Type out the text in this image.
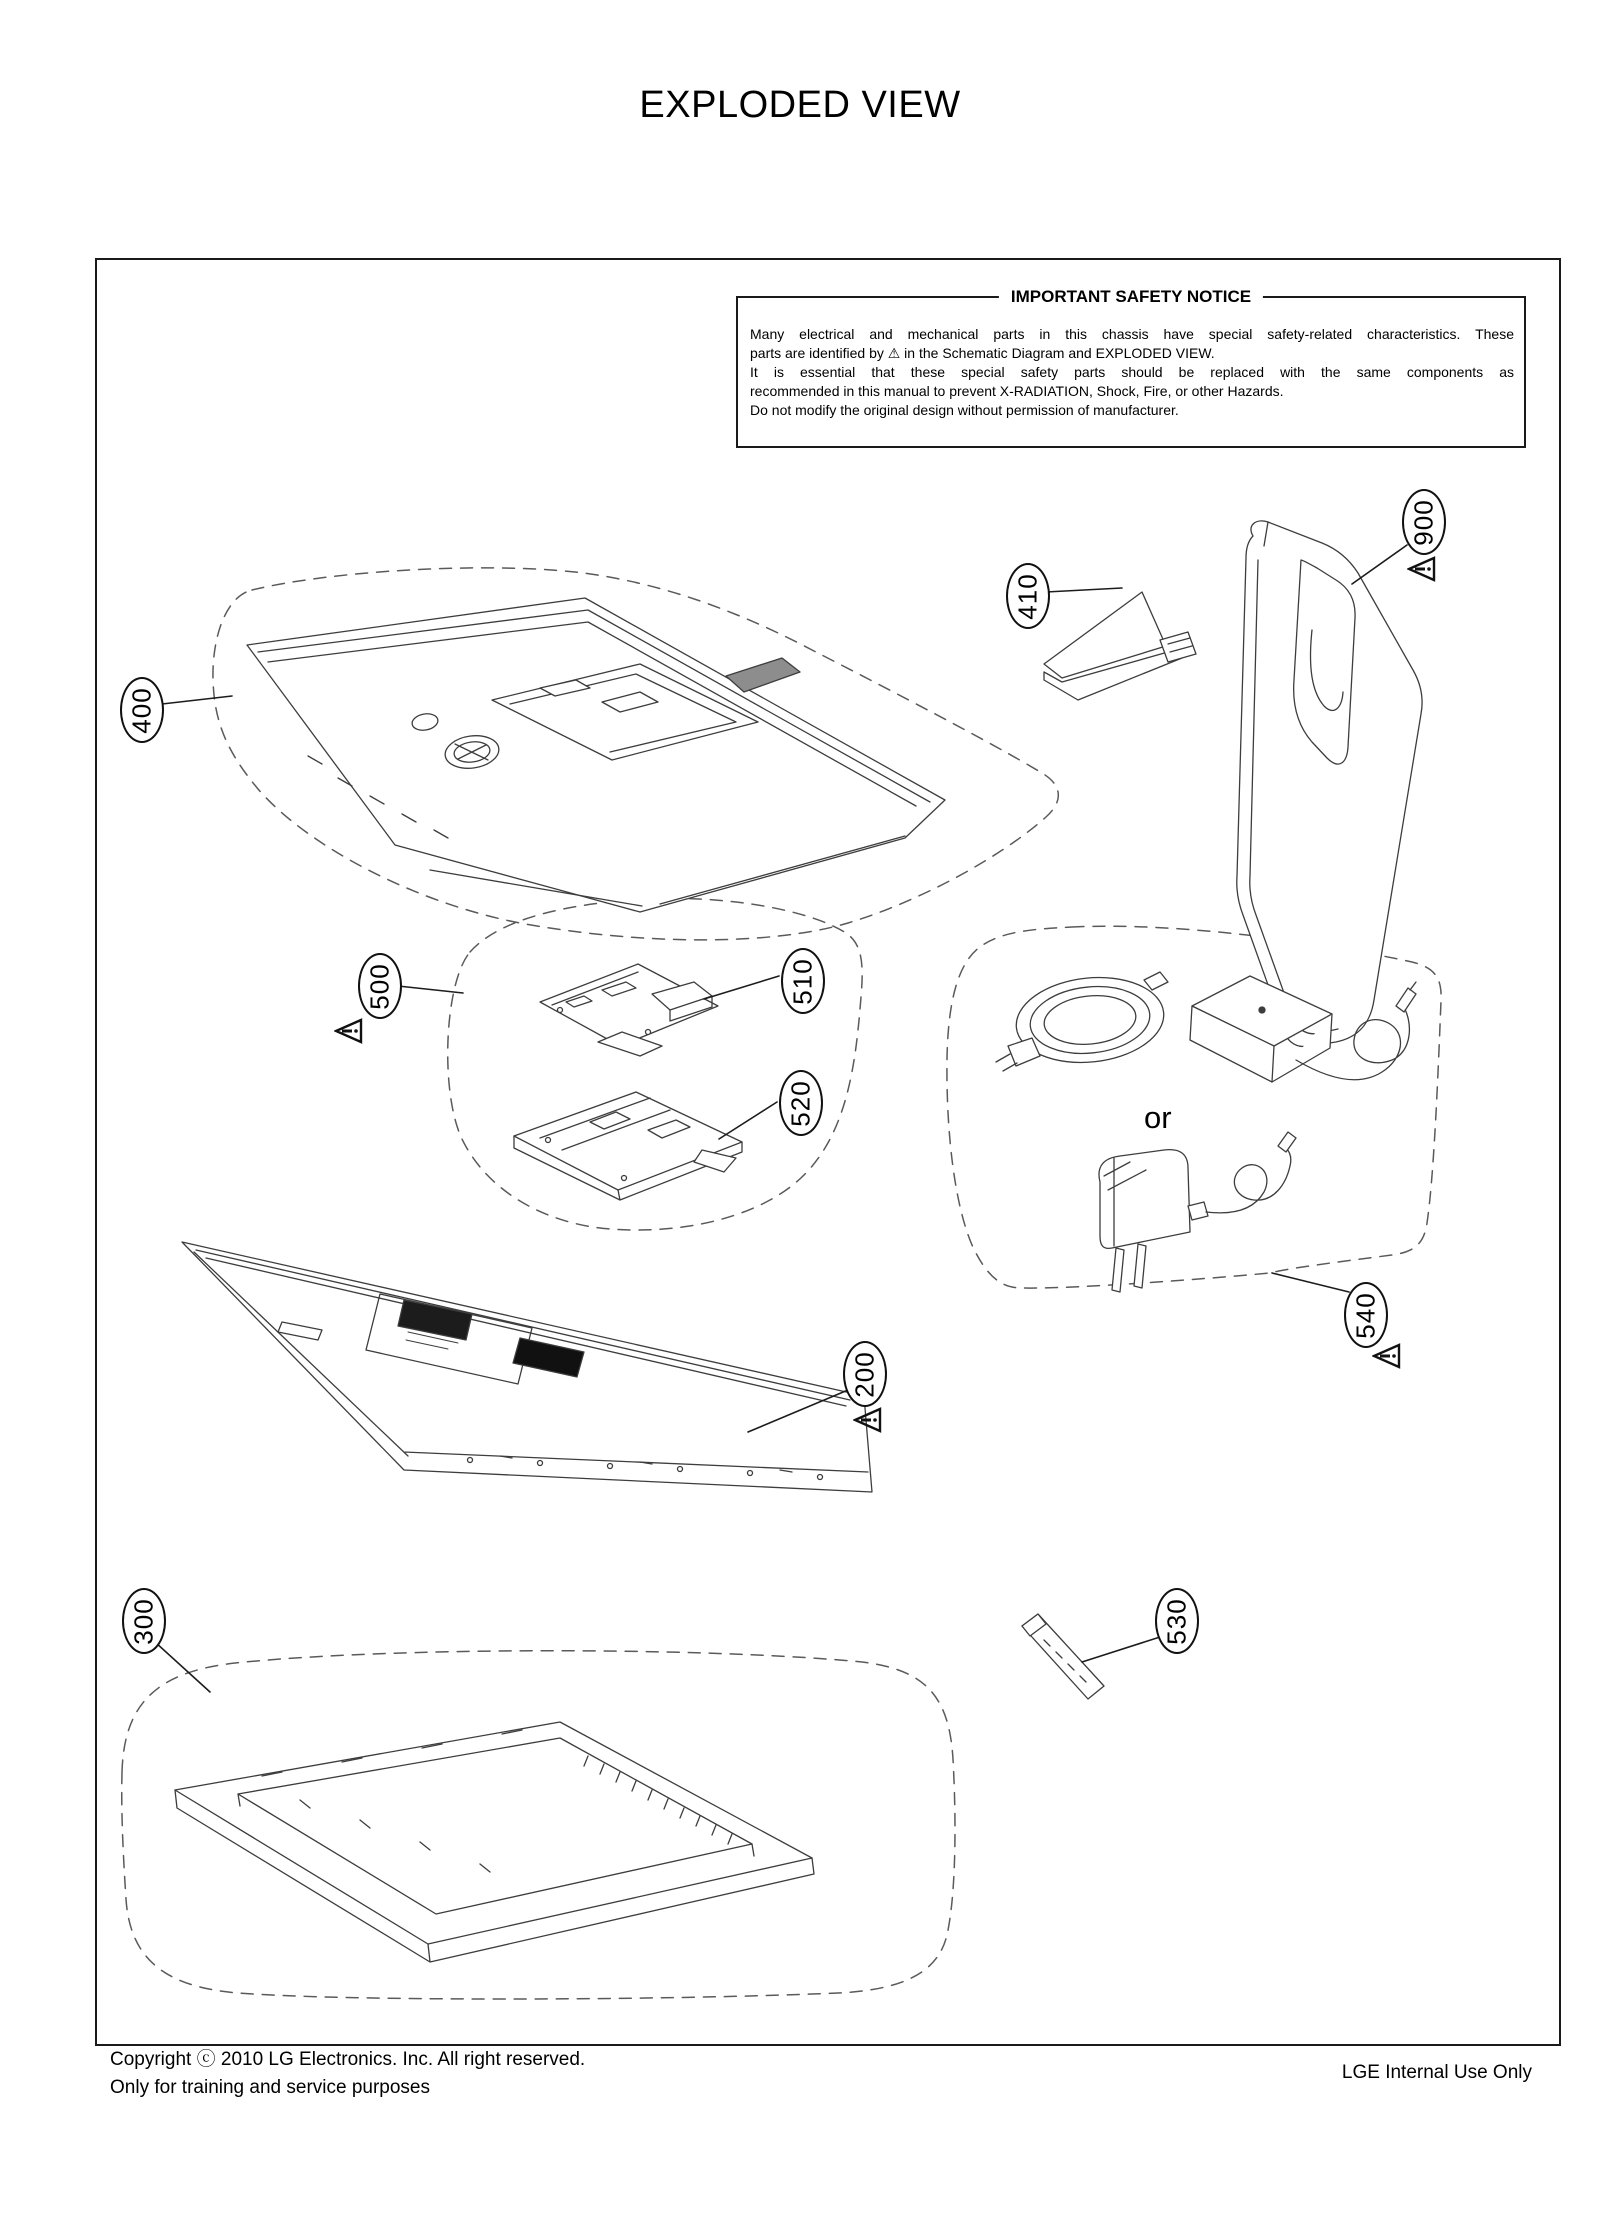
EXPLODED VIEW
IMPORTANT SAFETY NOTICE
Many electrical and mechanical parts in this chassis have special safety-related characteristics. These
parts are identified by ⚠ in the Schematic Diagram and EXPLODED VIEW.
It is essential that these special safety parts should be replaced with the same components as
recommended in this manual to prevent X-RADIATION, Shock, Fire, or other Hazards.
Do not modify the original design without permission of manufacturer.
400
410
900
500	510
520
540
200
300	530
or
Copyright ⓒ 2010 LG Electronics. Inc. All right reserved.
Only for training and service purposes
LGE Internal Use Only
